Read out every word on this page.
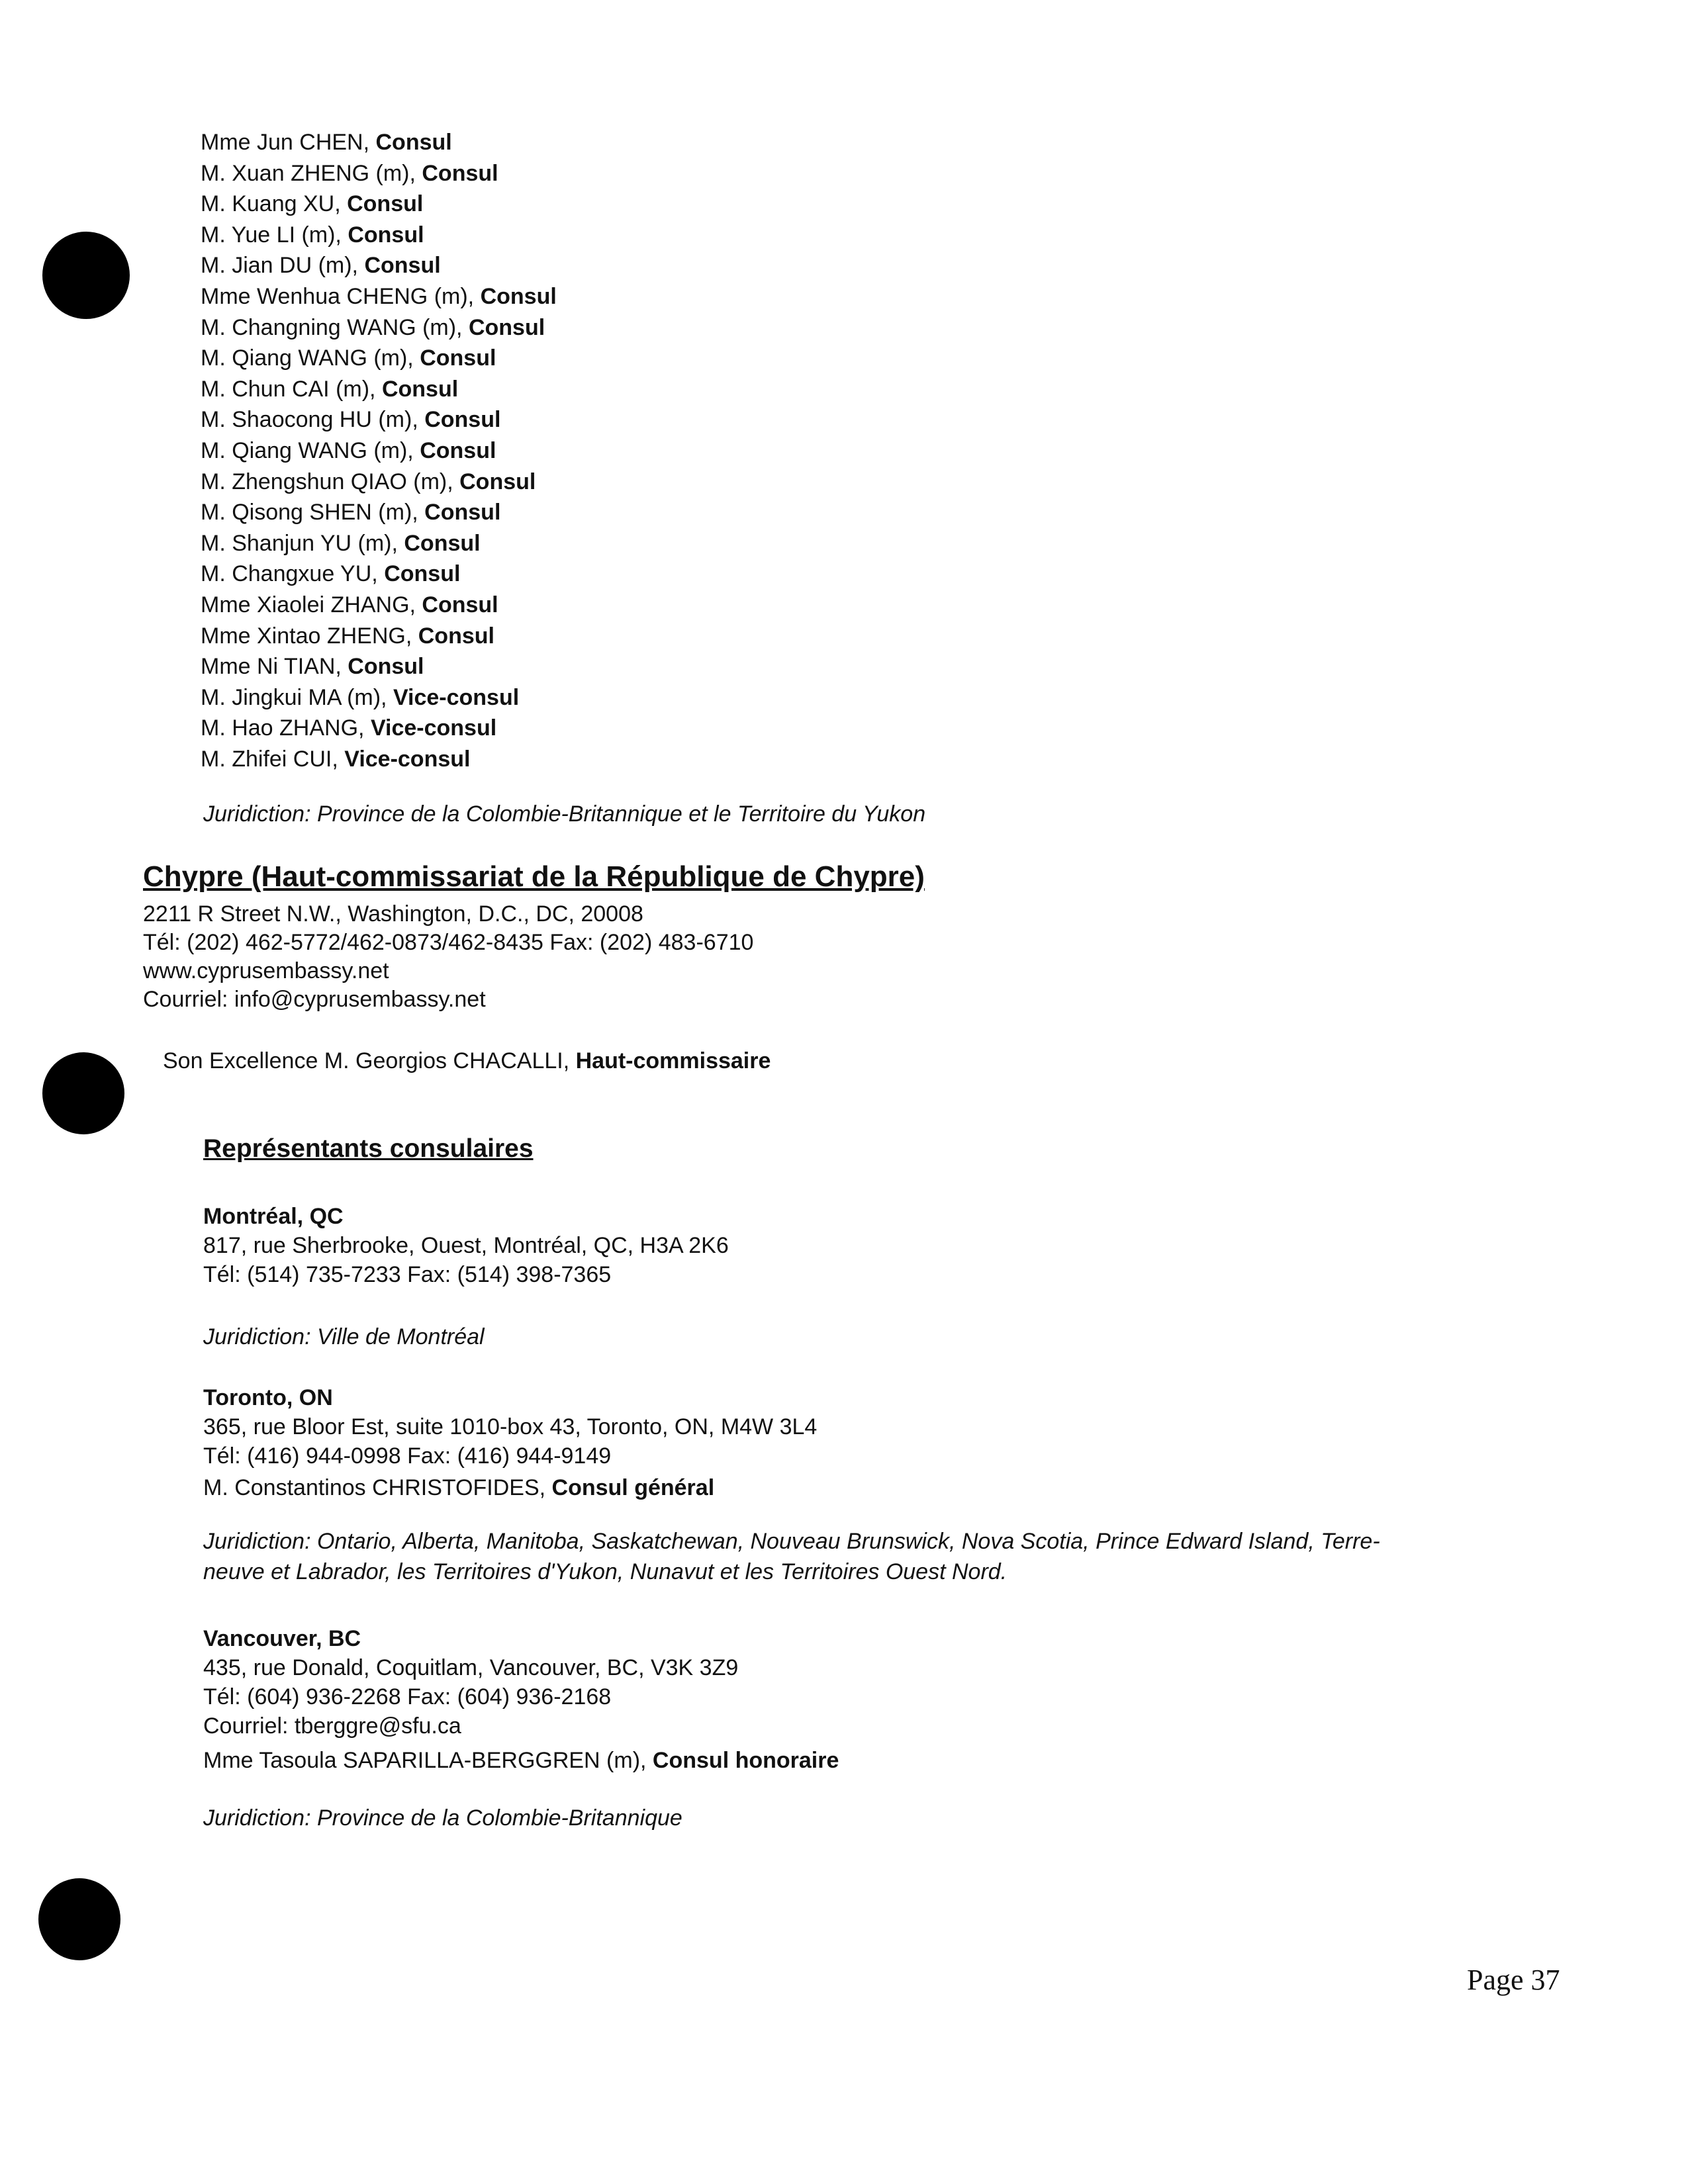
Mme Jun CHEN, Consul
M. Xuan ZHENG (m), Consul
M. Kuang XU, Consul
M. Yue LI (m), Consul
M. Jian DU (m), Consul
Mme Wenhua CHENG (m), Consul
M. Changning WANG (m), Consul
M. Qiang WANG (m), Consul
M. Chun CAI (m), Consul
M. Shaocong HU (m), Consul
M. Qiang WANG (m), Consul
M. Zhengshun QIAO (m), Consul
M. Qisong SHEN (m), Consul
M. Shanjun YU (m), Consul
M. Changxue YU, Consul
Mme Xiaolei ZHANG, Consul
Mme Xintao ZHENG, Consul
Mme Ni TIAN, Consul
M. Jingkui MA (m), Vice-consul
M. Hao ZHANG, Vice-consul
M. Zhifei CUI, Vice-consul
Juridiction: Province de la Colombie-Britannique et le Territoire du Yukon
Chypre (Haut-commissariat de la République de Chypre)
2211 R Street N.W., Washington, D.C., DC, 20008
Tél: (202) 462-5772/462-0873/462-8435 Fax: (202) 483-6710
www.cyprusembassy.net
Courriel: info@cyprusembassy.net
Son Excellence M. Georgios CHACALLI, Haut-commissaire
Représentants consulaires
Montréal, QC
817, rue Sherbrooke, Ouest, Montréal, QC, H3A 2K6
Tél: (514) 735-7233 Fax: (514) 398-7365
Juridiction: Ville de Montréal
Toronto, ON
365, rue Bloor Est, suite 1010-box 43, Toronto, ON, M4W 3L4
Tél: (416) 944-0998 Fax: (416) 944-9149
M. Constantinos CHRISTOFIDES, Consul général
Juridiction: Ontario, Alberta, Manitoba, Saskatchewan, Nouveau Brunswick, Nova Scotia, Prince Edward Island, Terre-
neuve et Labrador, les Territoires d'Yukon, Nunavut et les Territoires Ouest Nord.
Vancouver, BC
435, rue Donald, Coquitlam, Vancouver, BC, V3K 3Z9
Tél: (604) 936-2268 Fax: (604) 936-2168
Courriel: tberggre@sfu.ca
Mme Tasoula SAPARILLA-BERGGREN (m), Consul honoraire
Juridiction: Province de la Colombie-Britannique
Page 37
